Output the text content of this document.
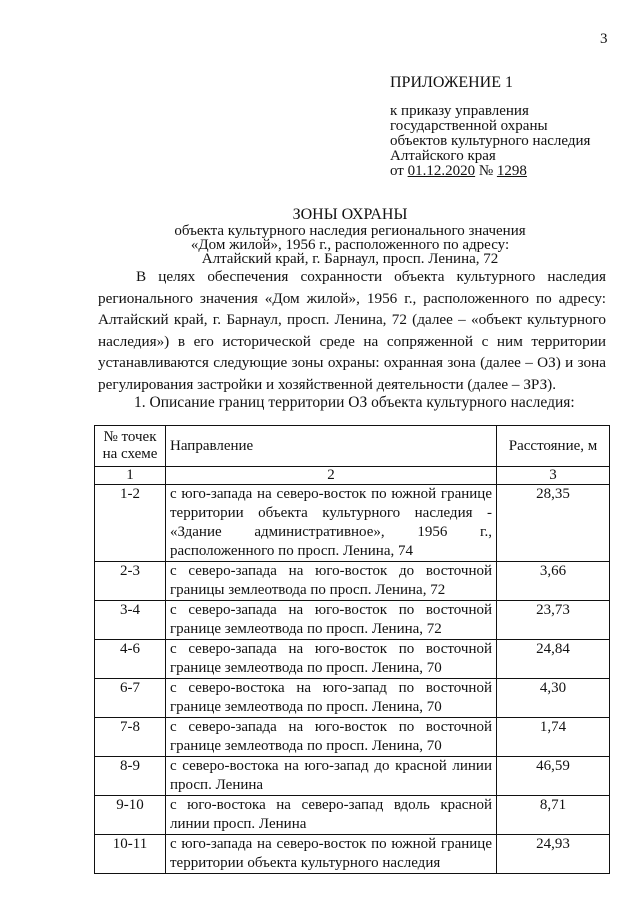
3
ПРИЛОЖЕНИЕ 1
к приказу управления
государственной охраны
объектов культурного наследия
Алтайского края
от 01.12.2020 № 1298
ЗОНЫ ОХРАНЫ
объекта культурного наследия регионального значения
«Дом жилой», 1956 г., расположенного по адресу:
Алтайский край, г. Барнаул, просп. Ленина, 72
В целях обеспечения сохранности объекта культурного наследия регионального значения «Дом жилой», 1956 г., расположенного по адресу: Алтайский край, г. Барнаул, просп. Ленина, 72 (далее – «объект культурного наследия») в его исторической среде на сопряженной с ним территории устанавливаются следующие зоны охраны: охранная зона (далее – ОЗ) и зона регулирования застройки и хозяйственной деятельности (далее – ЗРЗ).
1. Описание границ территории ОЗ объекта культурного наследия:
№ точек на схеме	Направление	Расстояние, м
1	2	3
1-2	с юго-запада на северо-восток по южной границе территории объекта культурного наследия - «Здание административное», 1956 г., расположенного по просп. Ленина, 74	28,35
2-3	с северо-запада на юго-восток до восточной границы землеотвода по просп. Ленина, 72	3,66
3-4	с северо-запада на юго-восток по восточной границе землеотвода по просп. Ленина, 72	23,73
4-6	с северо-запада на юго-восток по восточной границе землеотвода по просп. Ленина, 70	24,84
6-7	с северо-востока на юго-запад по восточной границе землеотвода по просп. Ленина, 70	4,30
7-8	с северо-запада на юго-восток по восточной границе землеотвода по просп. Ленина, 70	1,74
8-9	с северо-востока на юго-запад до красной линии просп. Ленина	46,59
9-10	с юго-востока на северо-запад вдоль красной линии просп. Ленина	8,71
10-11	с юго-запада на северо-восток по южной границе территории объекта культурного наследия	24,93
